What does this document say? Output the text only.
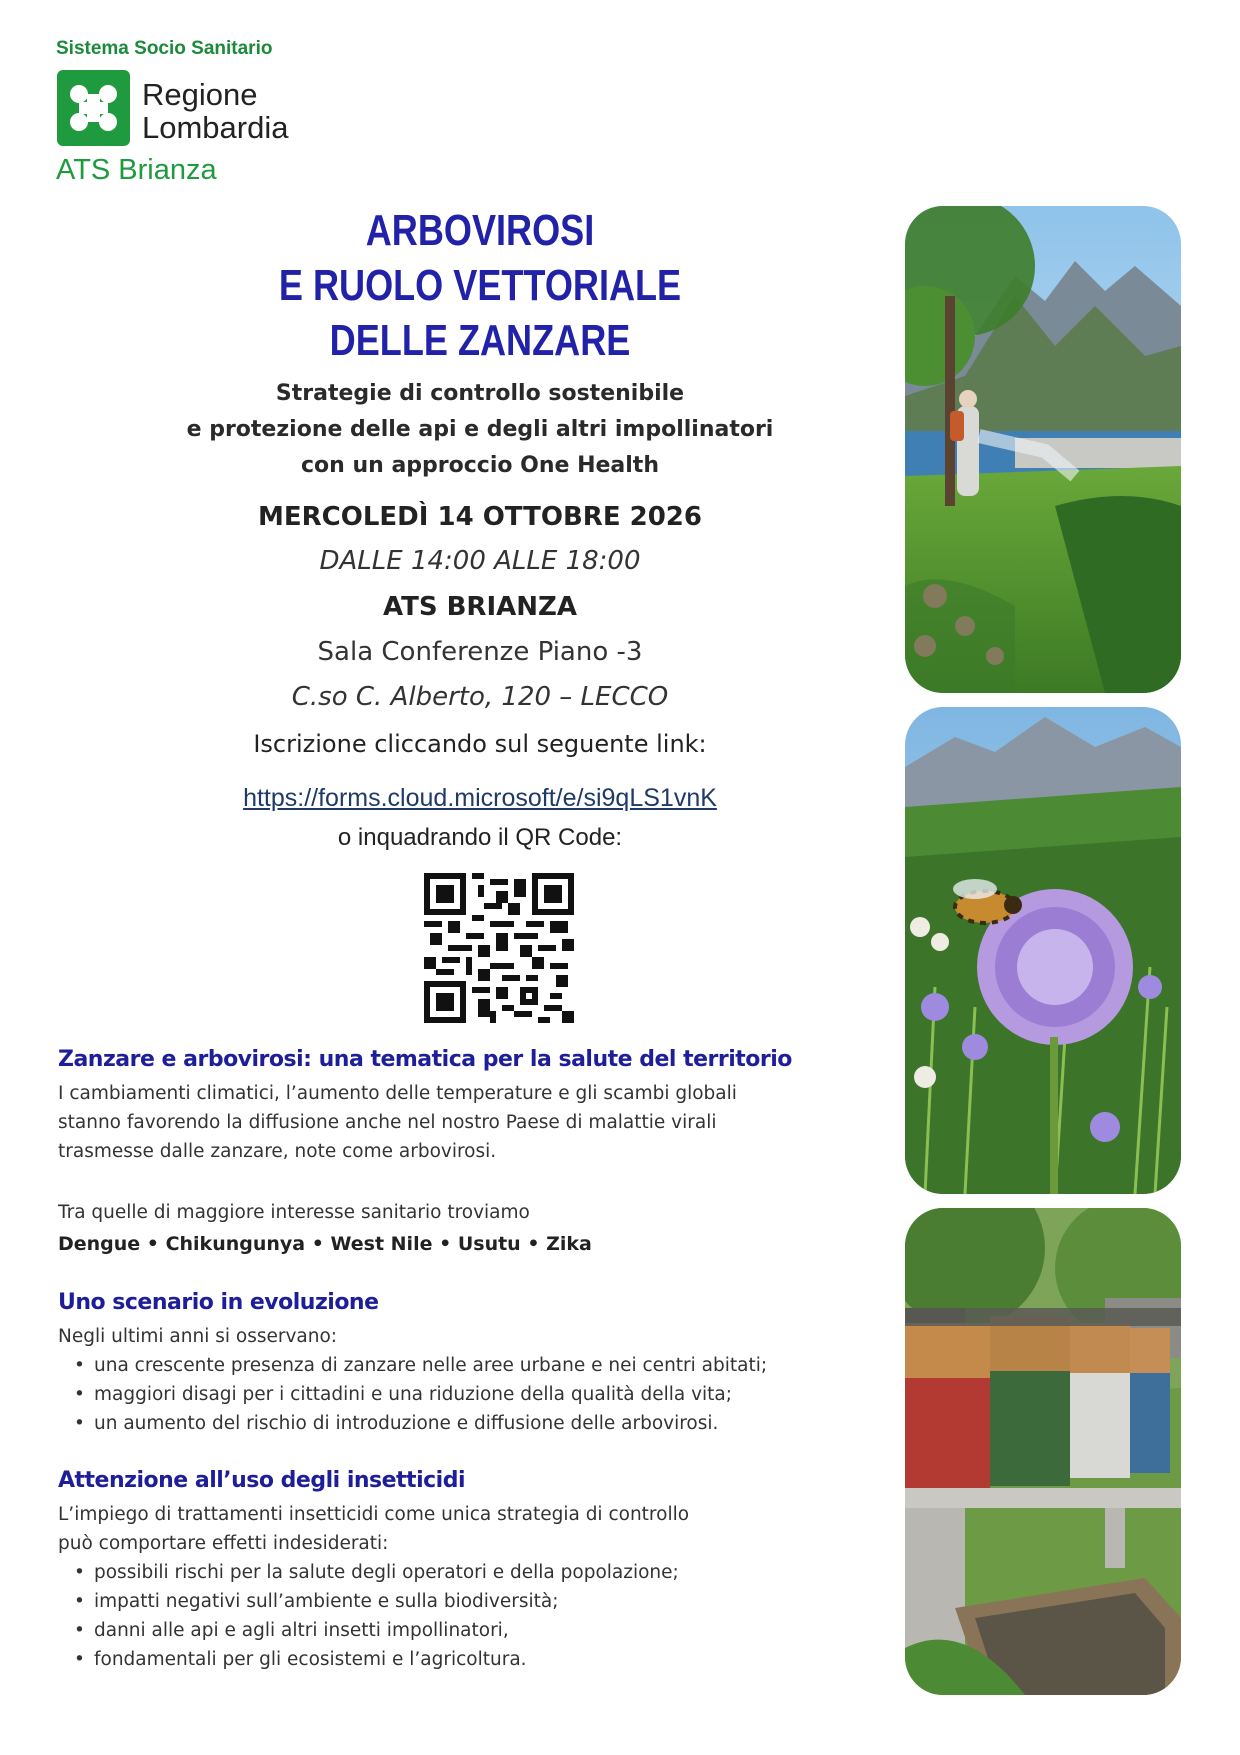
Sistema Socio Sanitario
Regione
Lombardia
ATS Brianza
ARBOVIROSI
E RUOLO VETTORIALE
DELLE ZANZARE
Strategie di controllo sostenibile
e protezione delle api e degli altri impollinatori
con un approccio One Health
MERCOLEDÌ 14 OTTOBRE 2026
DALLE 14:00 ALLE 18:00
ATS BRIANZA
Sala Conferenze Piano -3
C.so C. Alberto, 120 – LECCO
Iscrizione cliccando sul seguente link:
https://forms.cloud.microsoft/e/si9qLS1vnK
o inquadrando il QR Code:
Zanzare e arbovirosi: una tematica per la salute del territorio
I cambiamenti climatici, l’aumento delle temperature e gli scambi globali
stanno favorendo la diffusione anche nel nostro Paese di malattie virali
trasmesse dalle zanzare, note come arbovirosi.
Tra quelle di maggiore interesse sanitario troviamo
Dengue • Chikungunya • West Nile • Usutu • Zika
Uno scenario in evoluzione
Negli ultimi anni si osservano:
• una crescente presenza di zanzare nelle aree urbane e nei centri abitati;
• maggiori disagi per i cittadini e una riduzione della qualità della vita;
• un aumento del rischio di introduzione e diffusione delle arbovirosi.
Attenzione all’uso degli insetticidi
L’impiego di trattamenti insetticidi come unica strategia di controllo
può comportare effetti indesiderati:
• possibili rischi per la salute degli operatori e della popolazione;
• impatti negativi sull’ambiente e sulla biodiversità;
• danni alle api e agli altri insetti impollinatori,
• fondamentali per gli ecosistemi e l’agricoltura.
